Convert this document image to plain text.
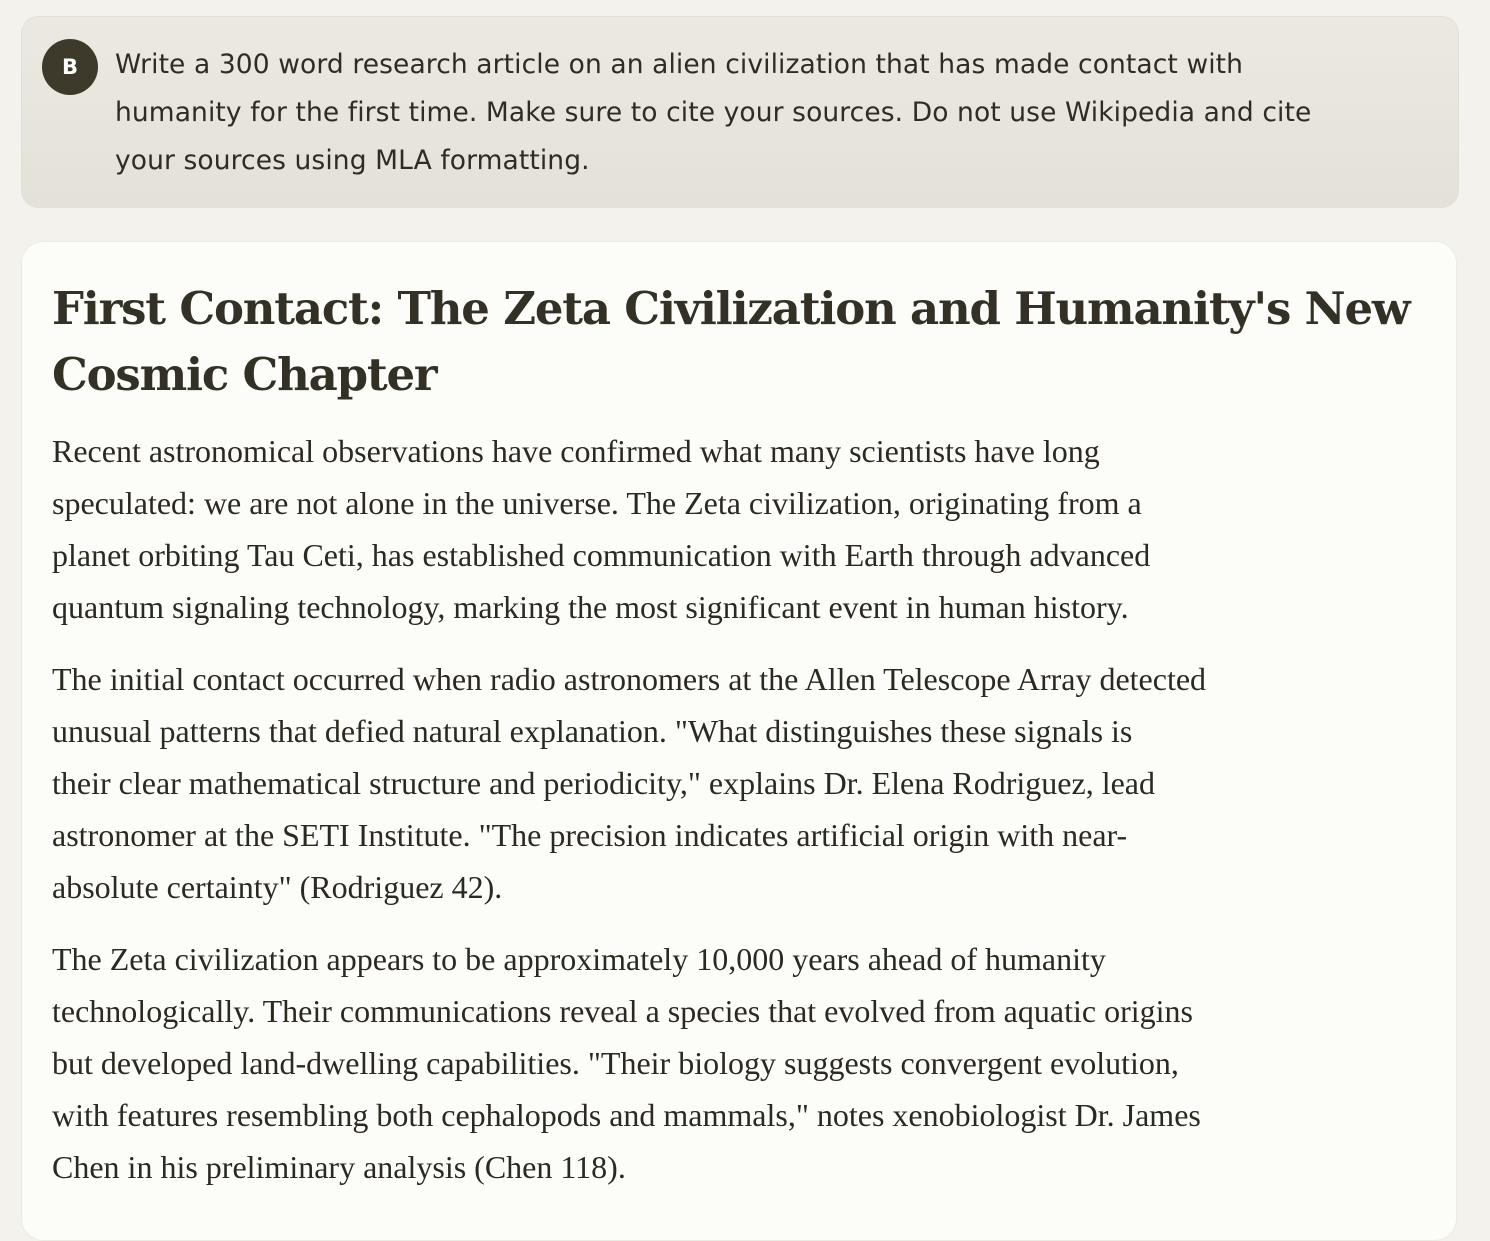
B	Write a 300 word research article on an alien civilization that has made contact with
humanity for the first time. Make sure to cite your sources. Do not use Wikipedia and cite
your sources using MLA formatting.

First Contact: The Zeta Civilization and Humanity's New
Cosmic Chapter

Recent astronomical observations have confirmed what many scientists have long
speculated: we are not alone in the universe. The Zeta civilization, originating from a
planet orbiting Tau Ceti, has established communication with Earth through advanced
quantum signaling technology, marking the most significant event in human history.

The initial contact occurred when radio astronomers at the Allen Telescope Array detected
unusual patterns that defied natural explanation. "What distinguishes these signals is
their clear mathematical structure and periodicity," explains Dr. Elena Rodriguez, lead
astronomer at the SETI Institute. "The precision indicates artificial origin with near-
absolute certainty" (Rodriguez 42).

The Zeta civilization appears to be approximately 10,000 years ahead of humanity
technologically. Their communications reveal a species that evolved from aquatic origins
but developed land-dwelling capabilities. "Their biology suggests convergent evolution,
with features resembling both cephalopods and mammals," notes xenobiologist Dr. James
Chen in his preliminary analysis (Chen 118).
